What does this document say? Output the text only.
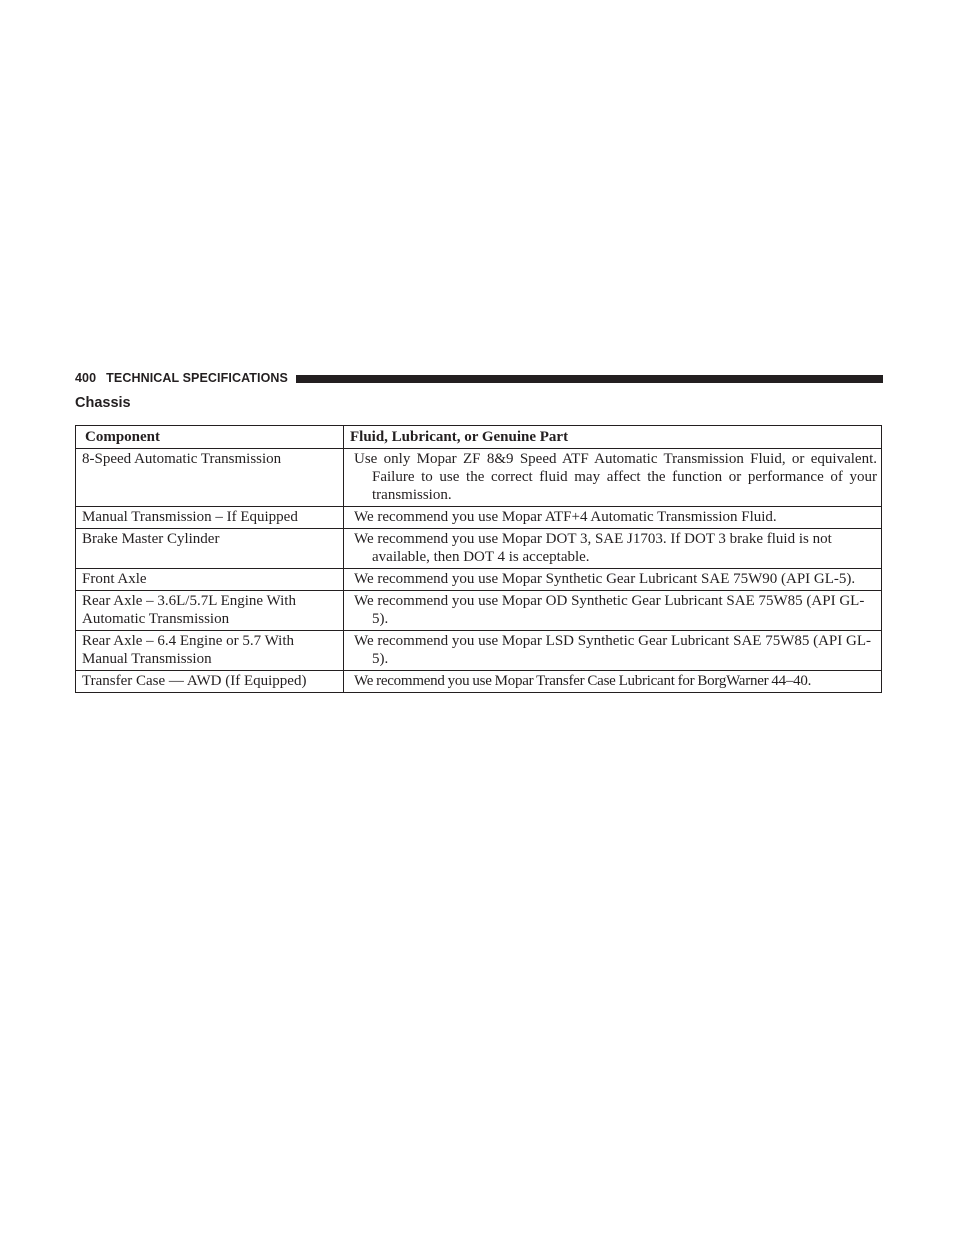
400 TECHNICAL SPECIFICATIONS
Chassis
Component	Fluid, Lubricant, or Genuine Part
8-Speed Automatic Transmission	Use only Mopar ZF 8&9 Speed ATF Automatic Transmission Fluid, or equivalent. Failure to use the correct fluid may affect the function or performance of your transmission.

Manual Transmission – If Equipped	We recommend you use Mopar ATF+4 Automatic Transmission Fluid.

Brake Master Cylinder	We recommend you use Mopar DOT 3, SAE J1703. If DOT 3 brake fluid is not available, then DOT 4 is acceptable.

Front Axle	We recommend you use Mopar Synthetic Gear Lubricant SAE 75W90 (API GL-5).

Rear Axle – 3.6L/5.7L Engine With
Automatic Transmission	We recommend you use Mopar OD Synthetic Gear Lubricant SAE 75W85 (API GL-5).

Rear Axle – 6.4 Engine or 5.7 With
Manual Transmission	We recommend you use Mopar LSD Synthetic Gear Lubricant SAE 75W85 (API GL-5).

Transfer Case — AWD (If Equipped)	We recommend you use Mopar Transfer Case Lubricant for BorgWarner 44–40.
